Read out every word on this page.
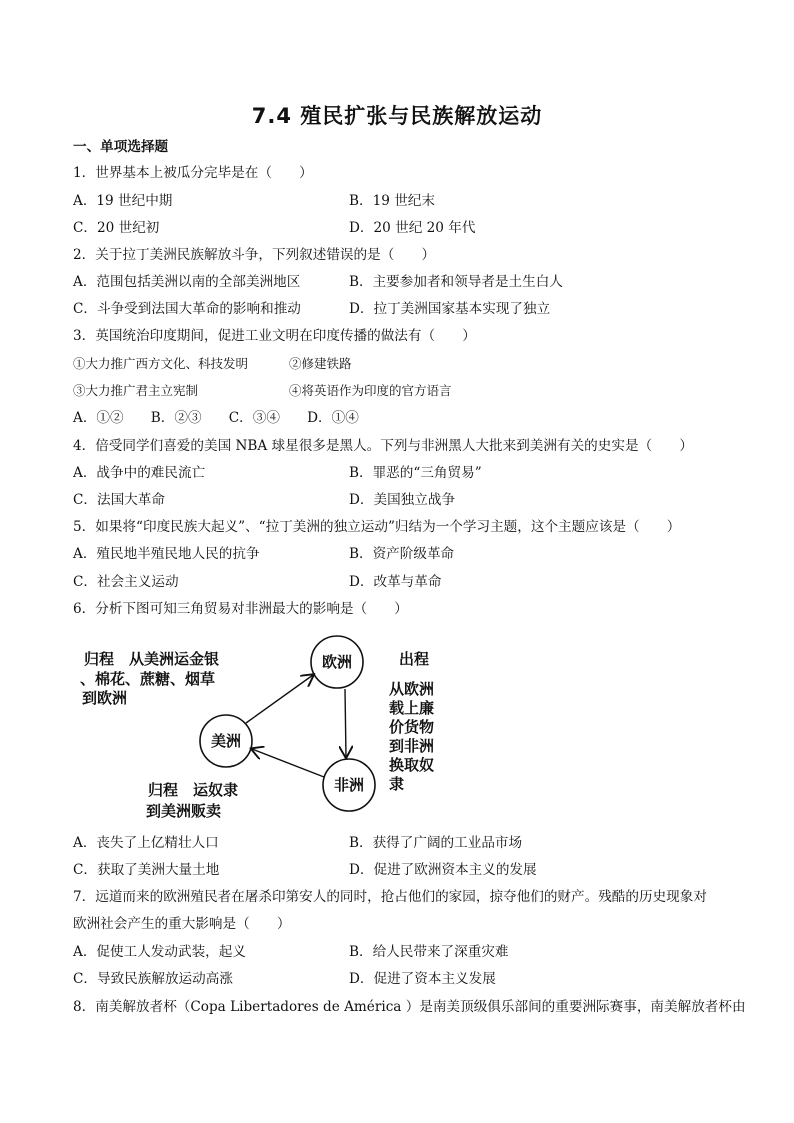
7.4 殖民扩张与民族解放运动
一、单项选择题
1．世界基本上被瓜分完毕是在（　　）
A．19 世纪中期	B．19 世纪末
C．20 世纪初	D．20 世纪 20 年代
2．关于拉丁美洲民族解放斗争，下列叙述错误的是（　　）
A．范围包括美洲以南的全部美洲地区	B．主要参加者和领导者是土生白人
C．斗争受到法国大革命的影响和推动	D．拉丁美洲国家基本实现了独立
3．英国统治印度期间，促进工业文明在印度传播的做法有（　　）
①大力推广西方文化、科技发明	②修建铁路
③大力推广君主立宪制	④将英语作为印度的官方语言
A．①②　　B．②③　　C．③④　　D．①④
4．倍受同学们喜爱的美国 NBA 球星很多是黑人。下列与非洲黑人大批来到美洲有关的史实是（　　）
A．战争中的难民流亡	B．罪恶的“三角贸易”
C．法国大革命	D．美国独立战争
5．如果将“印度民族大起义”、“拉丁美洲的独立运动”归结为一个学习主题，这个主题应该是（　　）
A．殖民地半殖民地人民的抗争	B．资产阶级革命
C．社会主义运动	D．改革与革命
6．分析下图可知三角贸易对非洲最大的影响是（　　）
欧洲
美洲
非洲
归程　从美洲运金银
、棉花、蔗糖、烟草
到欧洲
出程
从欧洲
载上廉
价货物
到非洲
换取奴
隶
归程　运奴隶
到美洲贩卖
A．丧失了上亿精壮人口	B．获得了广阔的工业品市场
C．获取了美洲大量土地	D．促进了欧洲资本主义的发展
7．远道而来的欧洲殖民者在屠杀印第安人的同时，抢占他们的家园，掠夺他们的财产。残酷的历史现象对
欧洲社会产生的重大影响是（　　）
A．促使工人发动武装，起义	B．给人民带来了深重灾难
C．导致民族解放运动高涨	D．促进了资本主义发展
8．南美解放者杯（Copa Libertadores de América ）是南美顶级俱乐部间的重要洲际赛事，南美解放者杯由
